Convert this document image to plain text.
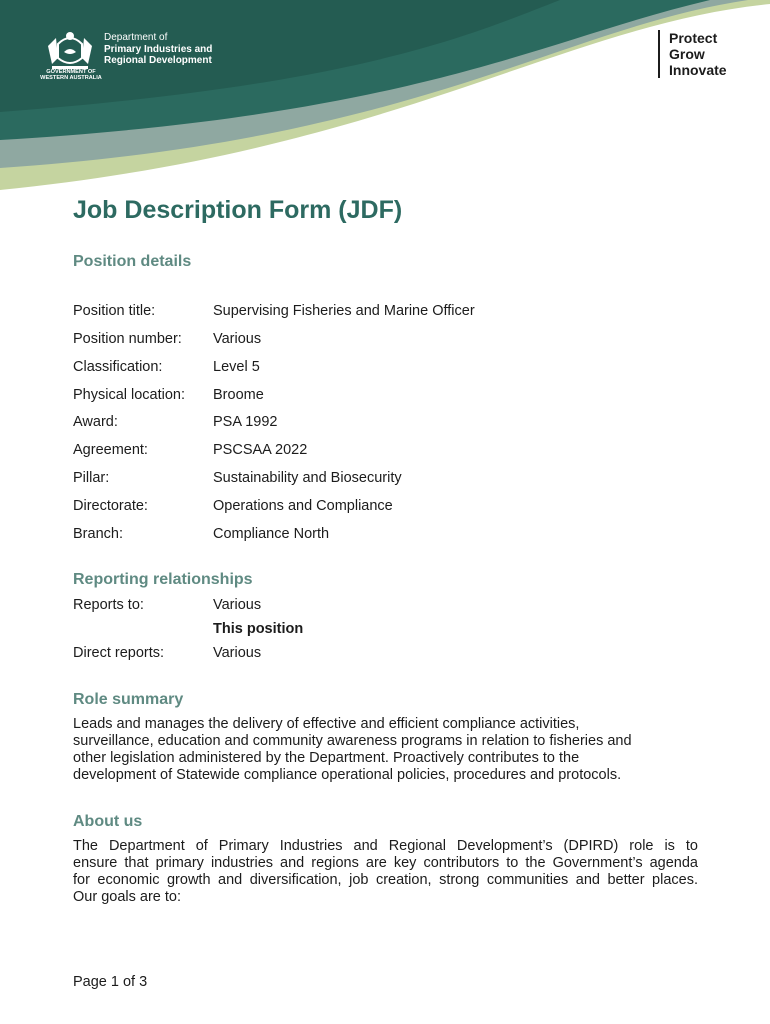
GOVERNMENT OF WESTERN AUSTRALIA
Department of
Primary Industries and
Regional Development
Protect
Grow
Innovate
Job Description Form (JDF)
Position details
Position title:	Supervising Fisheries and Marine Officer
Position number: Various
Classification:	Level 5
Physical location: Broome
Award:	PSA 1992
Agreement:	PSCSAA 2022
Pillar:	Sustainability and Biosecurity
Directorate:	Operations and Compliance
Branch:	Compliance North
Reporting relationships
Reports to:	Various
This position
Direct reports:	Various
Role summary
Leads and manages the delivery of effective and efficient compliance activities,
surveillance, education and community awareness programs in relation to fisheries and
other legislation administered by the Department. Proactively contributes to the
development of Statewide compliance operational policies, procedures and protocols.
About us
The Department of Primary Industries and Regional Development’s (DPIRD) role is to
ensure that primary industries and regions are key contributors to the Government’s agenda
for economic growth and diversification, job creation, strong communities and better places.
Our goals are to:
Page 1 of 3
